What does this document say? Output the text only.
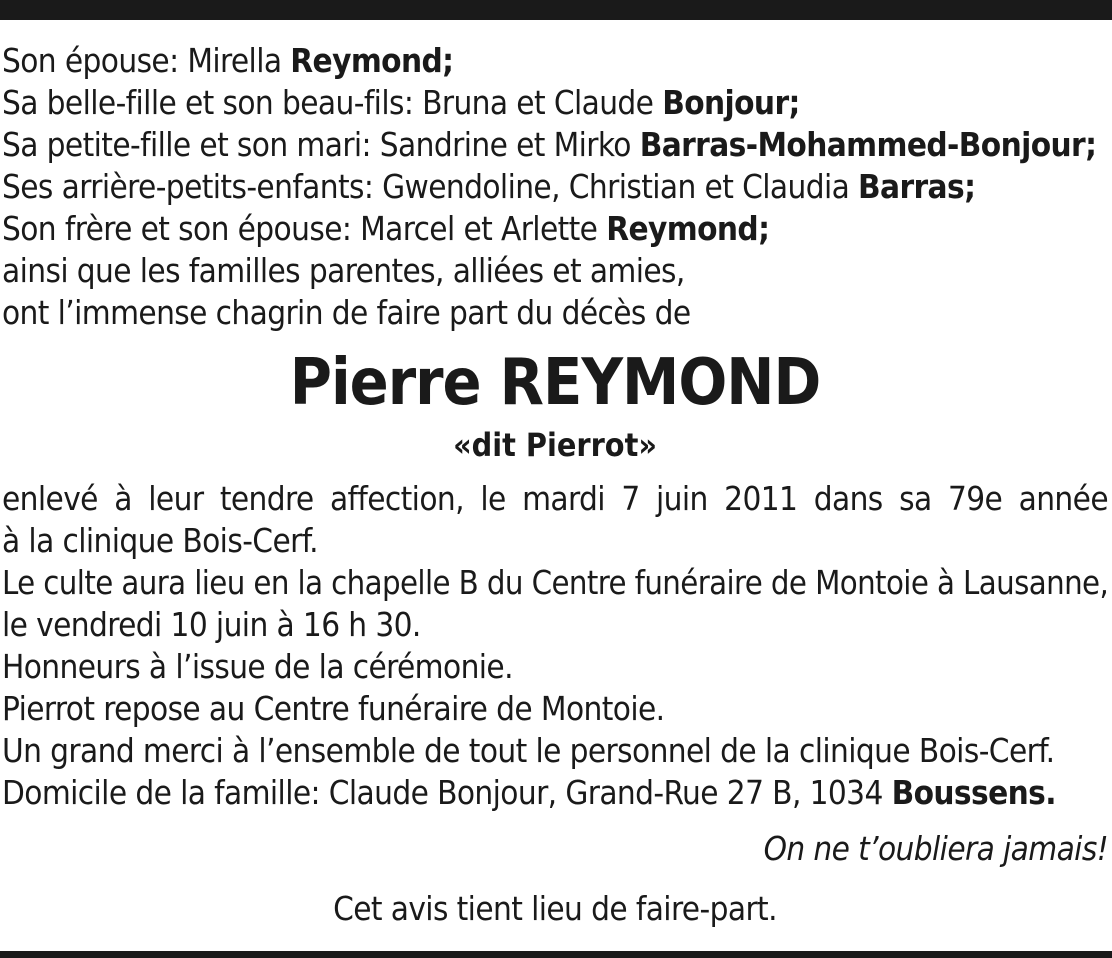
Son épouse: Mirella Reymond;
Sa belle-fille et son beau-fils: Bruna et Claude Bonjour;
Sa petite-fille et son mari: Sandrine et Mirko Barras-Mohammed-Bonjour;
Ses arrière-petits-enfants: Gwendoline, Christian et Claudia Barras;
Son frère et son épouse: Marcel et Arlette Reymond;
ainsi que les familles parentes, alliées et amies,
ont l’immense chagrin de faire part du décès de
Pierre REYMOND
«dit Pierrot»
enlevé à leur tendre affection, le mardi 7 juin 2011 dans sa 79e année
à la clinique Bois-Cerf.
Le culte aura lieu en la chapelle B du Centre funéraire de Montoie à Lausanne,
le vendredi 10 juin à 16 h 30.
Honneurs à l’issue de la cérémonie.
Pierrot repose au Centre funéraire de Montoie.
Un grand merci à l’ensemble de tout le personnel de la clinique Bois-Cerf.
Domicile de la famille: Claude Bonjour, Grand-Rue 27 B, 1034 Boussens.
On ne t’oubliera jamais!
Cet avis tient lieu de faire-part.
